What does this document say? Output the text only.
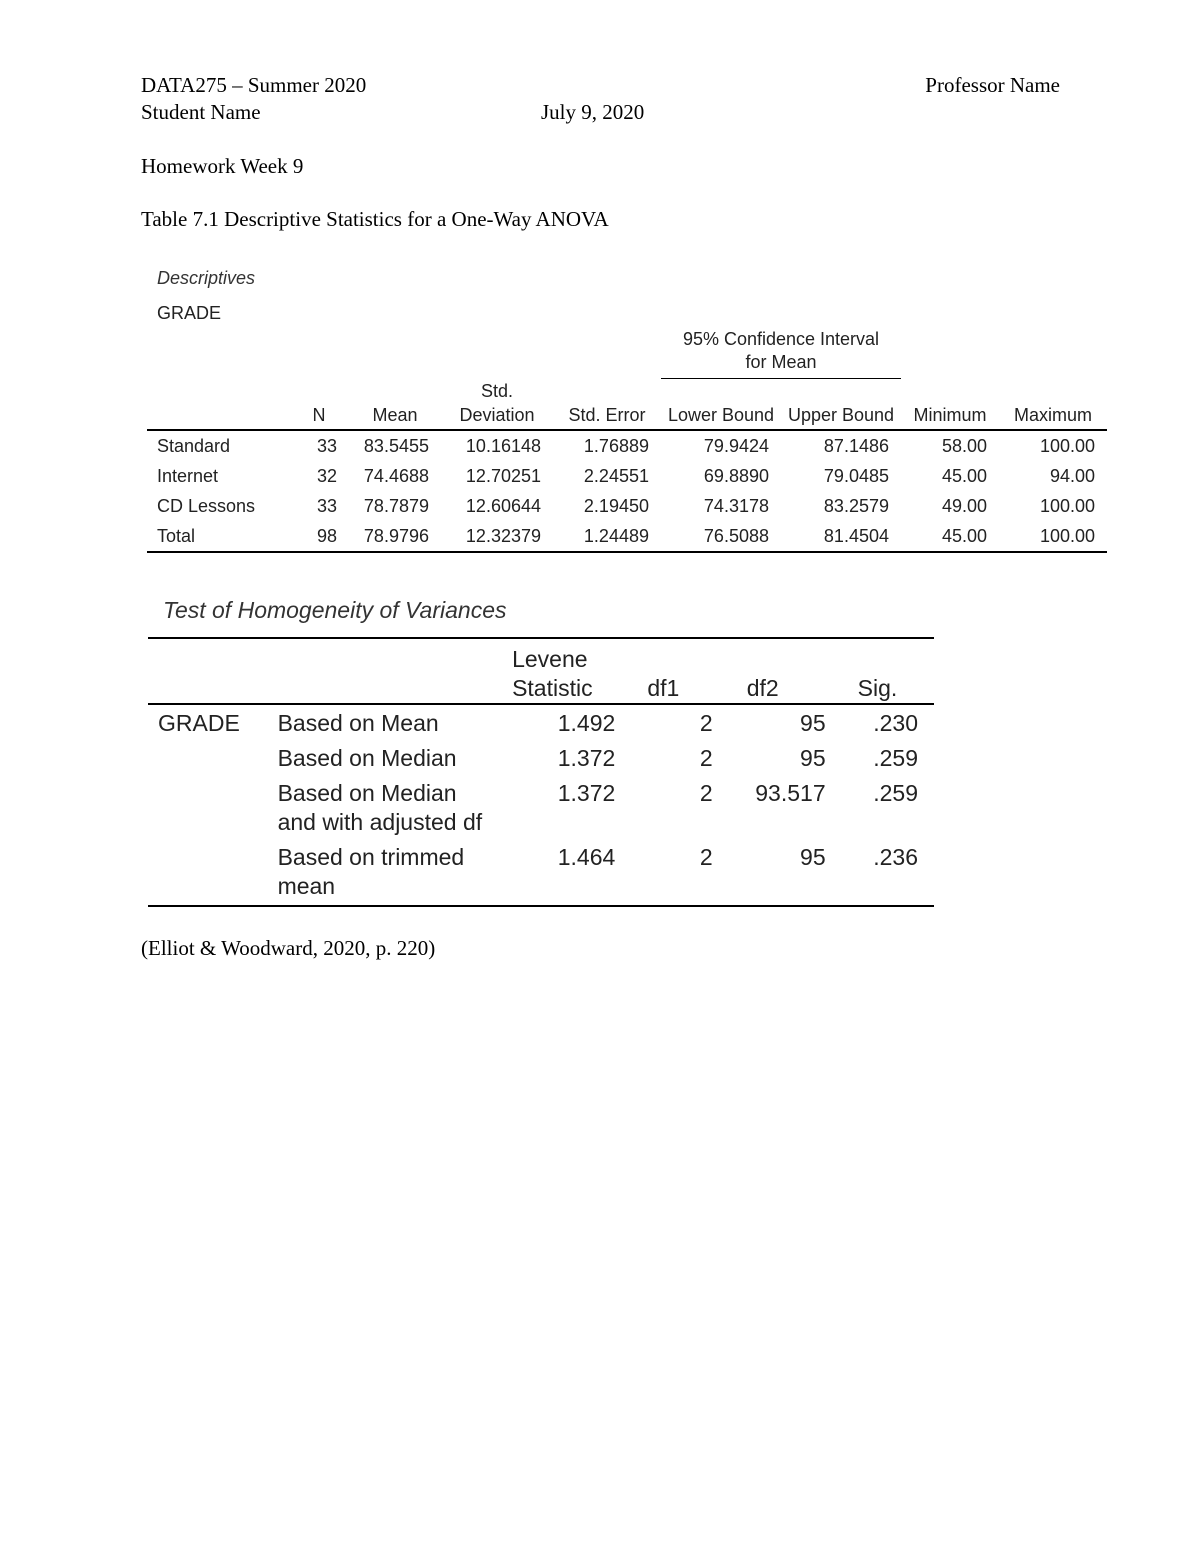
DATA275 – Summer 2020	Professor Name
Student Name	July 9, 2020
Homework Week 9
Table 7.1 Descriptive Statistics for a One-Way ANOVA
Descriptives
GRADE
					95% Confidence Interval for Mean			
	N	Mean	Std. Deviation	Std. Error	Lower Bound	Upper Bound	Minimum	Maximum
Standard	33	83.5455	10.16148	1.76889	79.9424	87.1486	58.00	100.00
Internet	32	74.4688	12.70251	2.24551	69.8890	79.0485	45.00	94.00
CD Lessons	33	78.7879	12.60644	2.19450	74.3178	83.2579	49.00	100.00
Total	98	78.9796	12.32379	1.24489	76.5088	81.4504	45.00	100.00
Test of Homogeneity of Variances
		Levene Statistic	df1	df2	Sig.
GRADE	Based on Mean	1.492	2	95	.230
	Based on Median	1.372	2	95	.259
	Based on Median and with adjusted df	1.372	2	93.517	.259
	Based on trimmed mean	1.464	2	95	.236
(Elliot & Woodward, 2020, p. 220)
